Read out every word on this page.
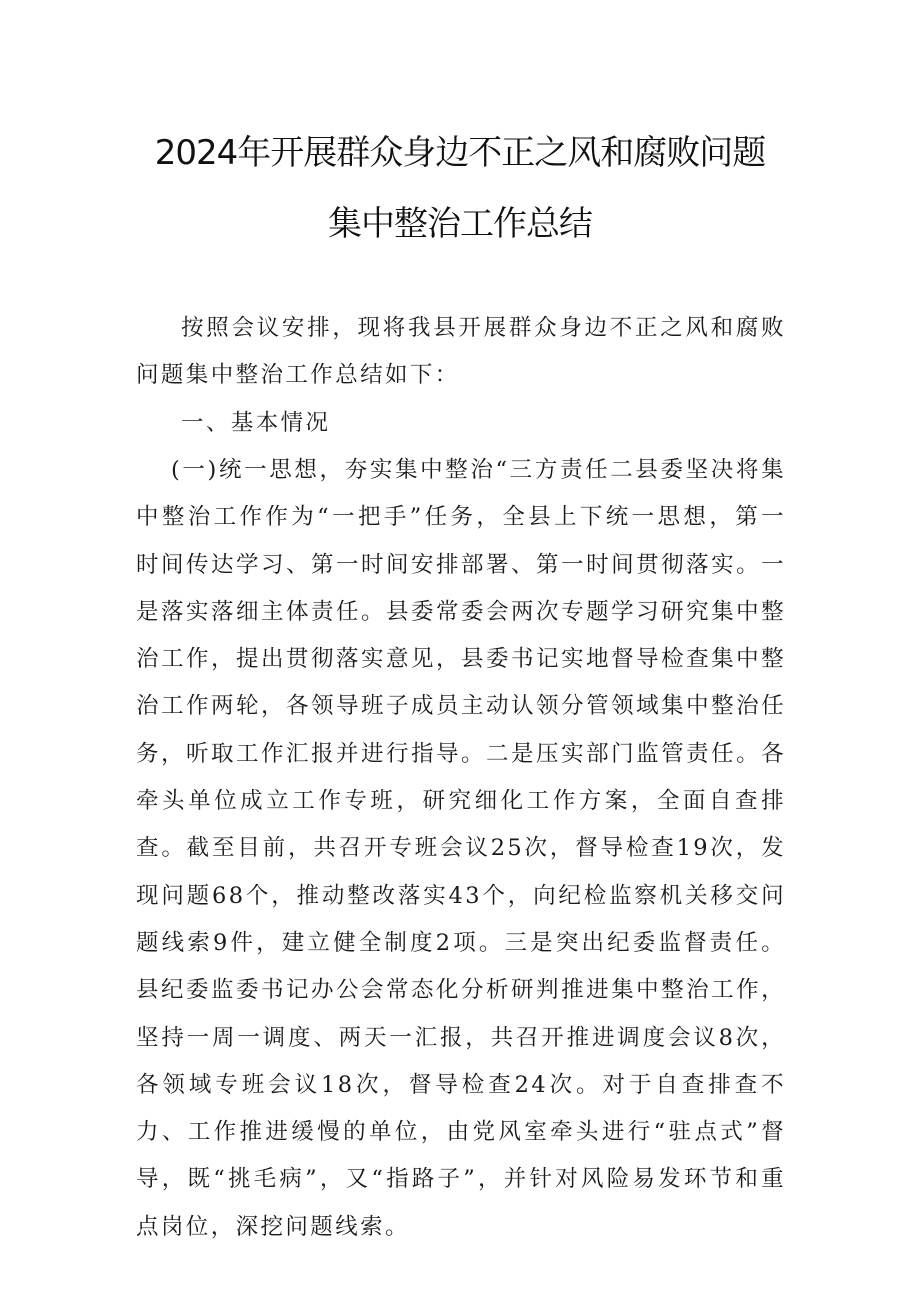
2024年开展群众身边不正之风和腐败问题
集中整治工作总结
按照会议安排，现将我县开展群众身边不正之风和腐败问题集中整治工作总结如下：
一、基本情况
(一)统一思想，夯实集中整治“三方责任二县委坚决将集中整治工作作为“一把手”任务，全县上下统一思想，第一时间传达学习、第一时间安排部署、第一时间贯彻落实。一是落实落细主体责任。县委常委会两次专题学习研究集中整治工作，提出贯彻落实意见，县委书记实地督导检查集中整治工作两轮，各领导班子成员主动认领分管领域集中整治任务，听取工作汇报并进行指导。二是压实部门监管责任。各牵头单位成立工作专班，研究细化工作方案，全面自查排查。截至目前，共召开专班会议25次，督导检查19次，发现问题68个，推动整改落实43个，向纪检监察机关移交问题线索9件，建立健全制度2项。三是突出纪委监督责任。县纪委监委书记办公会常态化分析研判推进集中整治工作，坚持一周一调度、两天一汇报，共召开推进调度会议8次，各领域专班会议18次，督导检查24次。对于自查排查不力、工作推进缓慢的单位，由党风室牵头进行“驻点式”督导，既“挑毛病”，又“指路子”，并针对风险易发环节和重点岗位，深挖问题线索。
